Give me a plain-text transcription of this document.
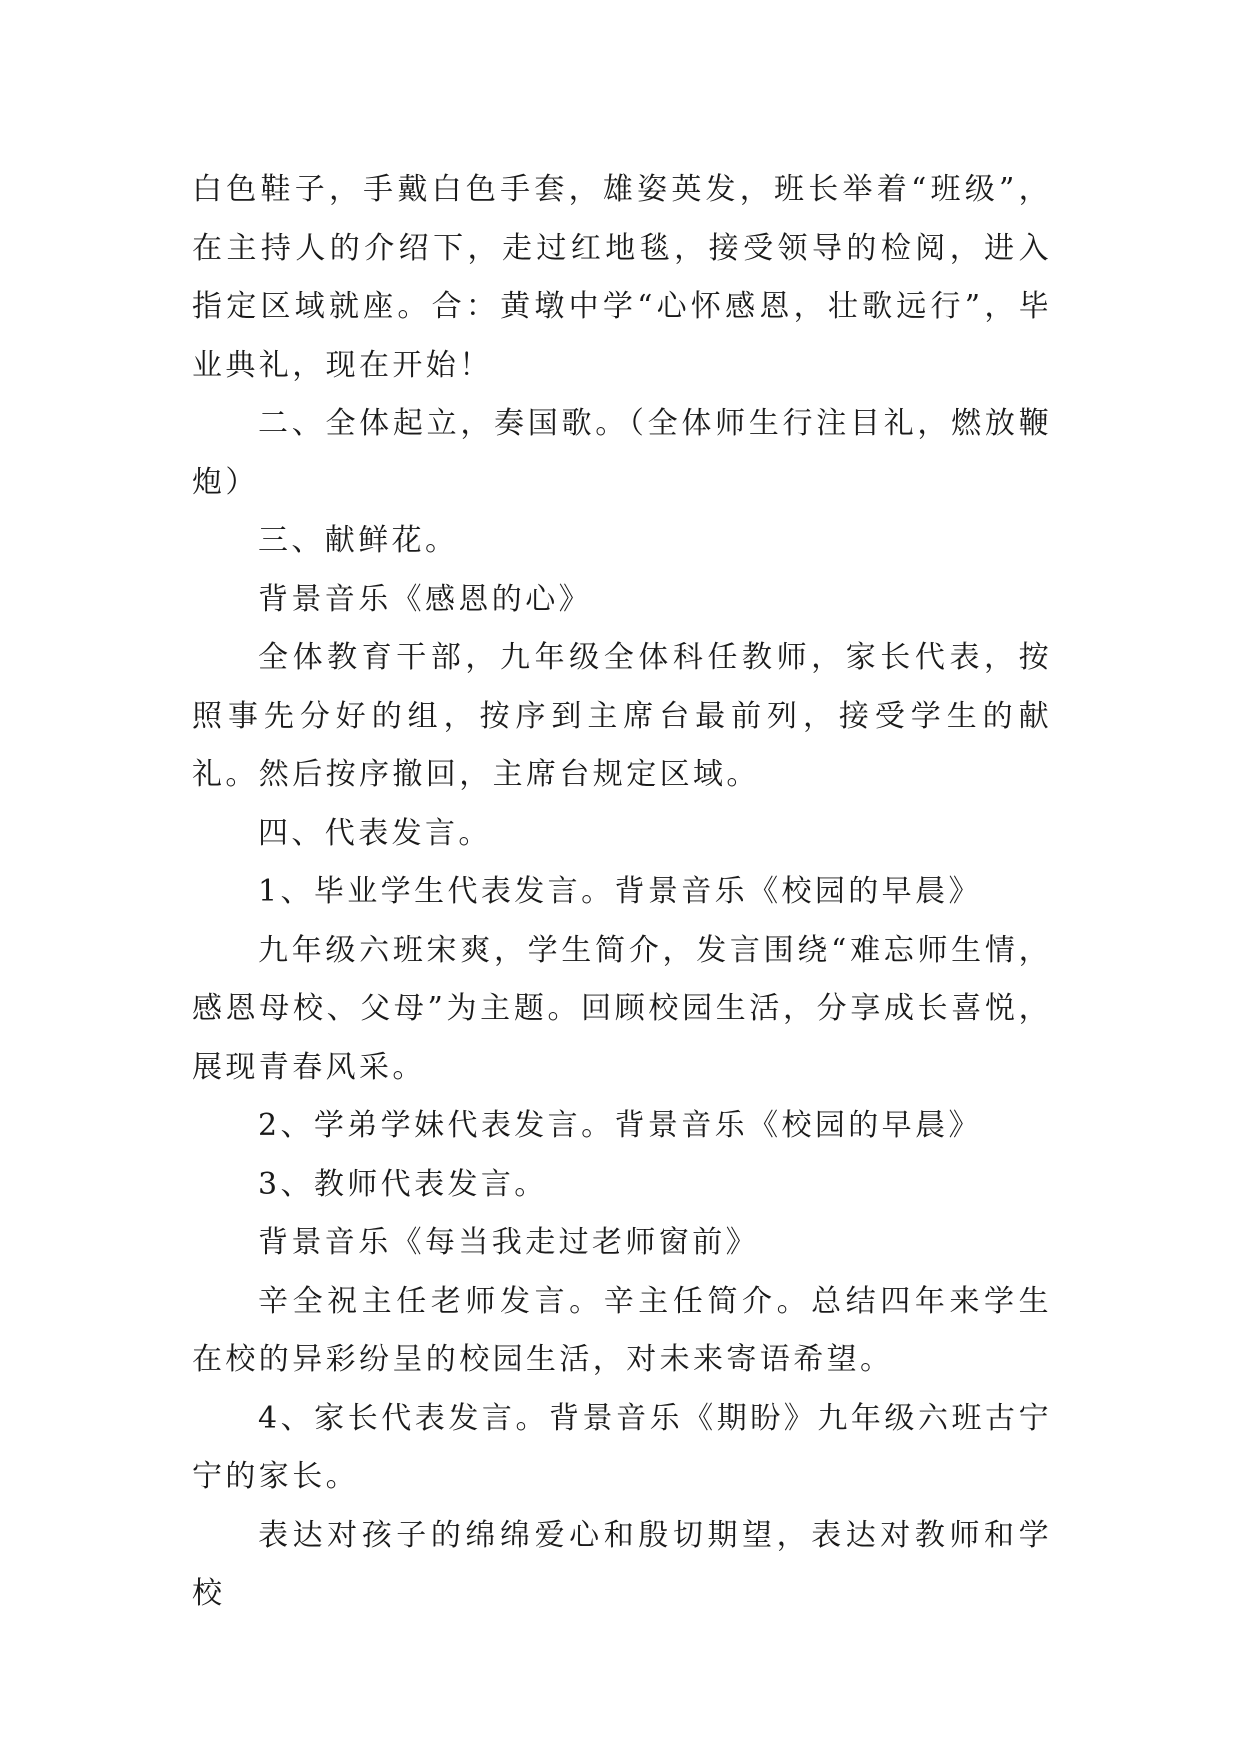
白色鞋子，手戴白色手套，雄姿英发，班长举着“班级”，在主持人的介绍下，走过红地毯，接受领导的检阅，进入指定区域就座。合：黄墩中学“心怀感恩，壮歌远行”，毕业典礼，现在开始！

二、全体起立，奏国歌。（全体师生行注目礼，燃放鞭炮）

三、献鲜花。

背景音乐《感恩的心》

全体教育干部，九年级全体科任教师，家长代表，按照事先分好的组，按序到主席台最前列，接受学生的献礼。然后按序撤回，主席台规定区域。

四、代表发言。

1、毕业学生代表发言。背景音乐《校园的早晨》

九年级六班宋爽，学生简介，发言围绕“难忘师生情，感恩母校、父母”为主题。回顾校园生活，分享成长喜悦，展现青春风采。

2、学弟学妹代表发言。背景音乐《校园的早晨》

3、教师代表发言。

背景音乐《每当我走过老师窗前》

辛全祝主任老师发言。辛主任简介。总结四年来学生在校的异彩纷呈的校园生活，对未来寄语希望。

4、家长代表发言。背景音乐《期盼》九年级六班古宁宁的家长。

表达对孩子的绵绵爱心和殷切期望，表达对教师和学校
